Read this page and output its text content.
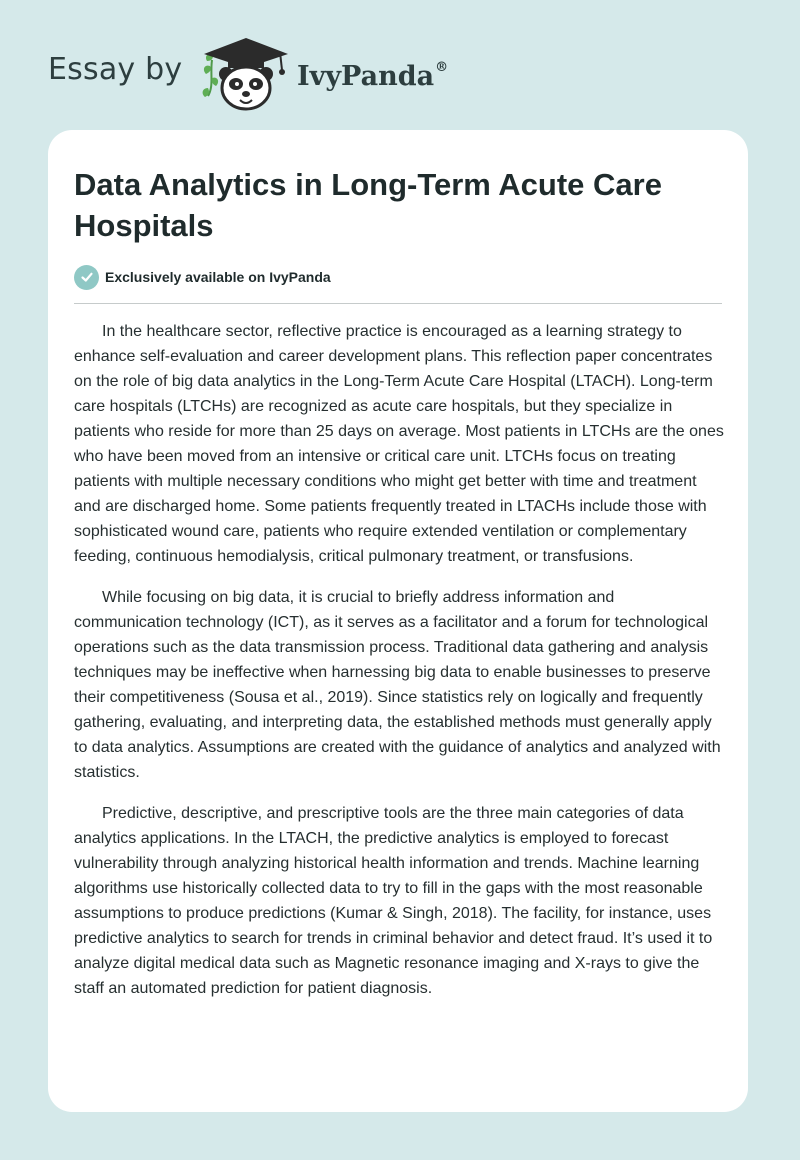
Essay by	IvyPanda®
Data Analytics in Long-Term Acute Care Hospitals
Exclusively available on IvyPanda

In the healthcare sector, reflective practice is encouraged as a learning strategy to enhance self-evaluation and career development plans. This reflection paper concentrates on the role of big data analytics in the Long-Term Acute Care Hospital (LTACH). Long-term care hospitals (LTCHs) are recognized as acute care hospitals, but they specialize in patients who reside for more than 25 days on average. Most patients in LTCHs are the ones who have been moved from an intensive or critical care unit. LTCHs focus on treating patients with multiple necessary conditions who might get better with time and treatment and are discharged home. Some patients frequently treated in LTACHs include those with sophisticated wound care, patients who require extended ventilation or complementary feeding, continuous hemodialysis, critical pulmonary treatment, or transfusions.

While focusing on big data, it is crucial to briefly address information and communication technology (ICT), as it serves as a facilitator and a forum for technological operations such as the data transmission process. Traditional data gathering and analysis techniques may be ineffective when harnessing big data to enable businesses to preserve their competitiveness (Sousa et al., 2019). Since statistics rely on logically and frequently gathering, evaluating, and interpreting data, the established methods must generally apply to data analytics. Assumptions are created with the guidance of analytics and analyzed with statistics.

Predictive, descriptive, and prescriptive tools are the three main categories of data analytics applications. In the LTACH, the predictive analytics is employed to forecast vulnerability through analyzing historical health information and trends. Machine learning algorithms use historically collected data to try to fill in the gaps with the most reasonable assumptions to produce predictions (Kumar & Singh, 2018). The facility, for instance, uses predictive analytics to search for trends in criminal behavior and detect fraud. It’s used it to analyze digital medical data such as Magnetic resonance imaging and X-rays to give the staff an automated prediction for patient diagnosis.
